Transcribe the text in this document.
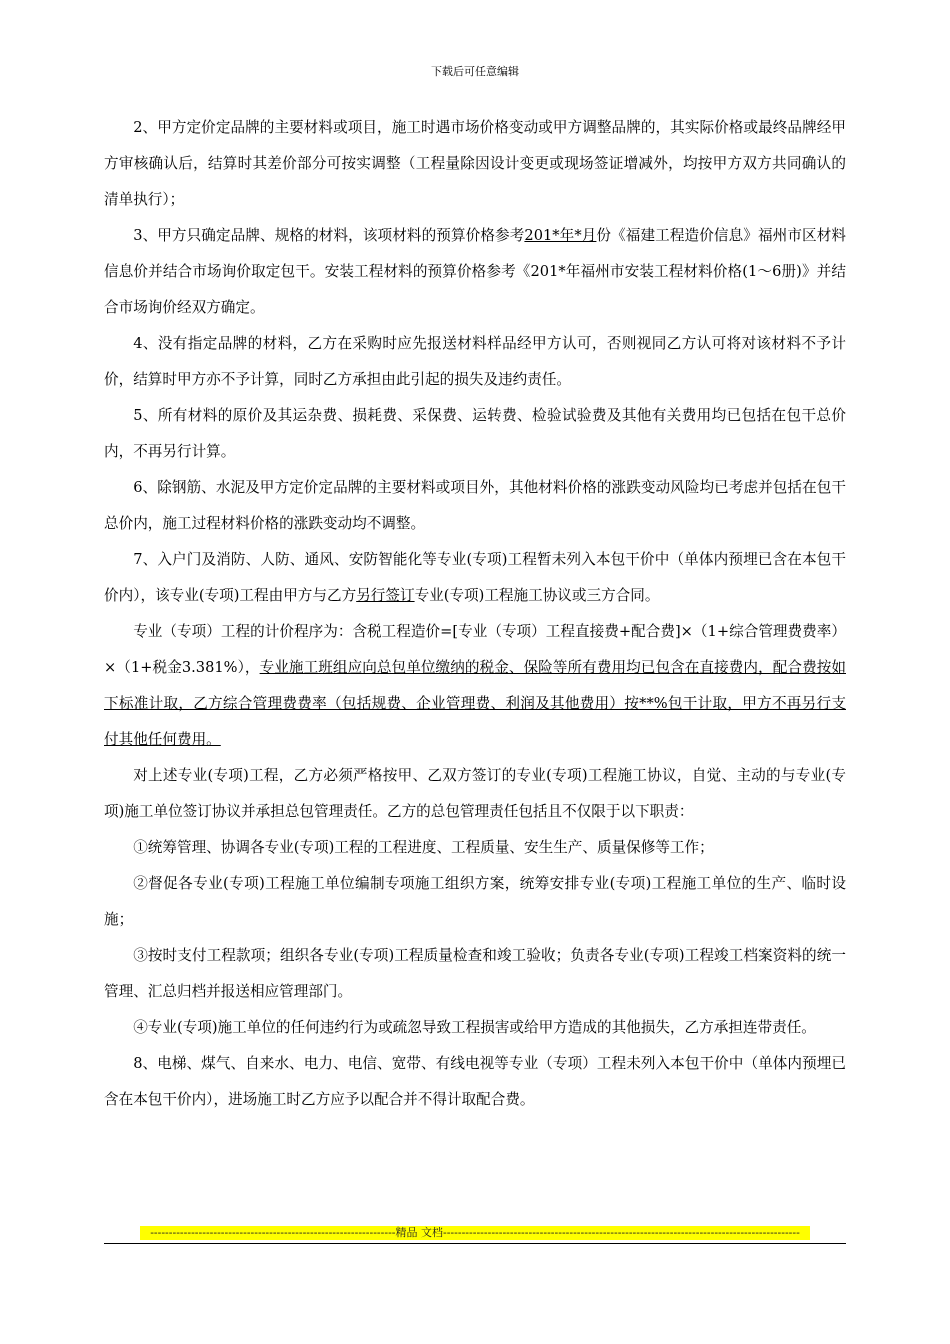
下载后可任意编辑

2、甲方定价定品牌的主要材料或项目，施工时遇市场价格变动或甲方调整品牌的，其实际价格或最终品牌经甲方审核确认后，结算时其差价部分可按实调整（工程量除因设计变更或现场签证增减外，均按甲方双方共同确认的清单执行）；

3、甲方只确定品牌、规格的材料，该项材料的预算价格参考201*年*月份《福建工程造价信息》福州市区材料信息价并结合市场询价取定包干。安装工程材料的预算价格参考《201*年福州市安装工程材料价格(1～6册)》并结合市场询价经双方确定。

4、没有指定品牌的材料，乙方在采购时应先报送材料样品经甲方认可，否则视同乙方认可将对该材料不予计价，结算时甲方亦不予计算，同时乙方承担由此引起的损失及违约责任。

5、所有材料的原价及其运杂费、损耗费、采保费、运转费、检验试验费及其他有关费用均已包括在包干总价内，不再另行计算。

6、除钢筋、水泥及甲方定价定品牌的主要材料或项目外，其他材料价格的涨跌变动风险均已考虑并包括在包干总价内，施工过程材料价格的涨跌变动均不调整。

7、入户门及消防、人防、通风、安防智能化等专业(专项)工程暂未列入本包干价中（单体内预埋已含在本包干价内），该专业(专项)工程由甲方与乙方另行签订专业(专项)工程施工协议或三方合同。

专业（专项）工程的计价程序为：含税工程造价=[专业（专项）工程直接费+配合费]×（1+综合管理费费率）×（1+税金3.381%），专业施工班组应向总包单位缴纳的税金、保险等所有费用均已包含在直接费内，配合费按如下标准计取，乙方综合管理费费率（包括规费、企业管理费、利润及其他费用）按**%包干计取，甲方不再另行支付其他任何费用。

对上述专业(专项)工程，乙方必须严格按甲、乙双方签订的专业(专项)工程施工协议，自觉、主动的与专业(专项)施工单位签订协议并承担总包管理责任。乙方的总包管理责任包括且不仅限于以下职责：

①统筹管理、协调各专业(专项)工程的工程进度、工程质量、安生生产、质量保修等工作；

②督促各专业(专项)工程施工单位编制专项施工组织方案，统筹安排专业(专项)工程施工单位的生产、临时设施；

③按时支付工程款项；组织各专业(专项)工程质量检查和竣工验收；负责各专业(专项)工程竣工档案资料的统一管理、汇总归档并报送相应管理部门。

④专业(专项)施工单位的任何违约行为或疏忽导致工程损害或给甲方造成的其他损失，乙方承担连带责任。

8、电梯、煤气、自来水、电力、电信、宽带、有线电视等专业（专项）工程未列入本包干价中（单体内预埋已含在本包干价内），进场施工时乙方应予以配合并不得计取配合费。

------------------------------------------------------------------精品 文档------------------------------------------------------------------------------------------------
